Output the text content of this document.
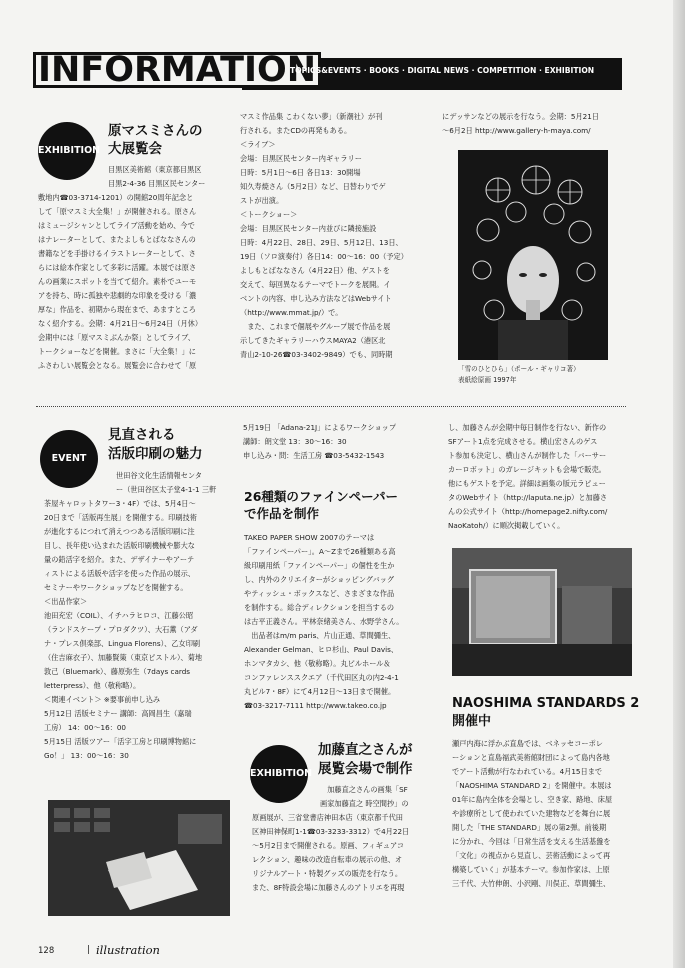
INFORMATION
TOPICS&EVENTS · BOOKS · DIGITAL NEWS · COMPETITION · EXHIBITION
EXHIBITION
原マスミさんの
大展覧会

目黒区美術館（東京都目黒区

目黒2-4-36 目黒区民センター

敷地内☎03-3714-1201）の開館20周年記念と

して「原マスミ大全集！」が開催される。原さん

はミュージシャンとしてライブ活動を始め、今で

はナレーターとして、またよしもとばななさんの

書籍などを手掛けるイラストレーターとして、さ

らには絵本作家として多彩に活躍。本展では原さ

んの画業にスポットを当てて紹介。素朴でユーモ

アを持ち、時に孤独や悲劇的な印象を受ける「濃

厚な」作品を、初期から現在まで、あますところ

なく紹介する。会期：4月21日～6月24日（月休）

会期中には「原マスミぶんか祭」としてライブ、

トークショーなどを開催。まさに「大全集！」に

ふさわしい展覧会となる。展覧会に合わせて「原

マスミ作品集 こわくない夢」（新潮社）が刊

行される。またCDの再発もある。

＜ライブ＞

会場：目黒区民センター内ギャラリー

日時：5月1日～6日 各日13：30開場

知久寿焼さん（5月2日）など、日替わりでゲ

ストが出演。

＜トークショー＞

会場：目黒区民センター内並びに隣接施設

日時：4月22日、28日、29日、5月12日、13日、

19日（ソロ演奏付）各日14：00～16：00（予定）

よしもとばななさん（4月22日）他、ゲストを

交えて、毎回異なるテーマでトークを展開。イ

ベントの内容、申し込み方法などはWebサイト

（http://www.mmat.jp/）で。

　また、これまで個展やグループ展で作品を展

示してきたギャラリーハウスMAYA2（港区北

青山2-10-26☎03-3402-9849）でも、同時期

にデッサンなどの展示を行なう。会期：5月21日

～6月2日 http://www.gallery-h-maya.com/

「雪のひとひら」（ポール・ギャリコ著）
表紙絵原画 1997年
EVENT
見直される
活版印刷の魅力

世田谷文化生活情報センタ

ー（世田谷区太子堂4-1-1 三軒

茶屋キャロットタワー3・4F）では、5月4日～

20日まで「活版再生展」を開催する。印刷技術

が進化するにつれて消えつつある活版印刷に注

目し、長年使い込まれた活版印刷機械や膨大な

量の鉛活字を紹介。また、デザイナーやアーテ

ィストによる活版や活字を使った作品の展示、

セミナーやワークショップなどを開催する。

＜出品作家＞

池田充宏（COIL）、イチハラヒロコ、江藤公昭

（ランドスケープ・プロダクツ）、大石薫（アダ

ナ・プレス倶楽部、Lingua Florens）、乙女印刷

（住吉麻衣子）、加藤賢策（東京ピストル）、菊地

敦己（Bluemark）、藤原弥生（7days cards

letterpress）、他（敬称略）。

＜関連イベント＞ ※要事前申し込み

5月12日 活版セミナー 講師：高岡昌生（嘉瑞

工房） 14：00～16：00

5月15日 活版ツアー「活字工房と印刷博物館に

Go！」 13：00～16：30

5月19日 「Adana-21J」によるワークショップ

講師：朗文堂 13：30～16：30

申し込み・問：生活工房 ☎03-5432-1543

26種類のファインペーパー
で作品を制作

TAKEO PAPER SHOW 2007のテーマは

「ファインペーパー」。A～Zまで26種類ある高

級印刷用紙「ファインペーパー」の個性を生か

し、内外のクリエイターがショッピングバッグ

やティッシュ・ボックスなど、さまざまな作品

を制作する。総合ディレクションを担当するの

は古平正義さん。平林奈緒美さん、水野学さん。

　出品者はm/m paris、片山正通、草間彌生、

Alexander Gelman、ヒロ杉山、Paul Davis、

ホンマタカシ、他（敬称略）。丸ビルホール＆

コンファレンススクエア（千代田区丸の内2-4-1

丸ビル7・8F）にて4月12日～13日まで開催。

☎03-3217-7111 http://www.takeo.co.jp

EXHIBITION
加藤直之さんが
展覧会場で制作

　加藤直之さんの画集「SF

画家加藤直之 時空間抄」の

原画展が、三省堂書店神田本店（東京都千代田

区神田神保町1-1☎03-3233-3312）で4月22日

～5月2日まで開催される。原画、フィギュアコ

レクション、趣味の改造自転車の展示の他、オ

リジナルアート・特製グッズの販売を行なう。

また、8F特設会場に加藤さんのアトリエを再現

し、加藤さんが会期中毎日制作を行ない、新作の

SFアート1点を完成させる。横山宏さんのゲス

ト参加も決定し、横山さんが制作した「バーサー

カーロボット」のガレージキットも会場で販売。

他にもゲストを予定。詳細は画集の版元ラピュー

タのWebサイト（http://laputa.ne.jp）と加藤さ

んの公式サイト（http://homepage2.nifty.com/

NaoKatoh/）に順次掲載していく。

NAOSHIMA STANDARDS 2
開催中

瀬戸内海に浮かぶ直島では、ベネッセコーポレ

ーションと直島福武美術館財団によって島内各地

でアート活動が行なわれている。4月15日まで

「NAOSHIMA STANDARD 2」を開催中。本展は

01年に島内全体を会場とし、空き家、路地、床屋

や診療所として使われていた建物などを舞台に展

開した「THE STANDARD」展の第2弾。前後期

に分かれ、今回は「日常生活を支える生活基盤を

「文化」の視点から見直し、芸術活動によって再

構築していく」が基本テーマ。参加作家は、上原

三千代、大竹伸朗、小沢剛、川俣正、草間彌生、

128	| illustration
